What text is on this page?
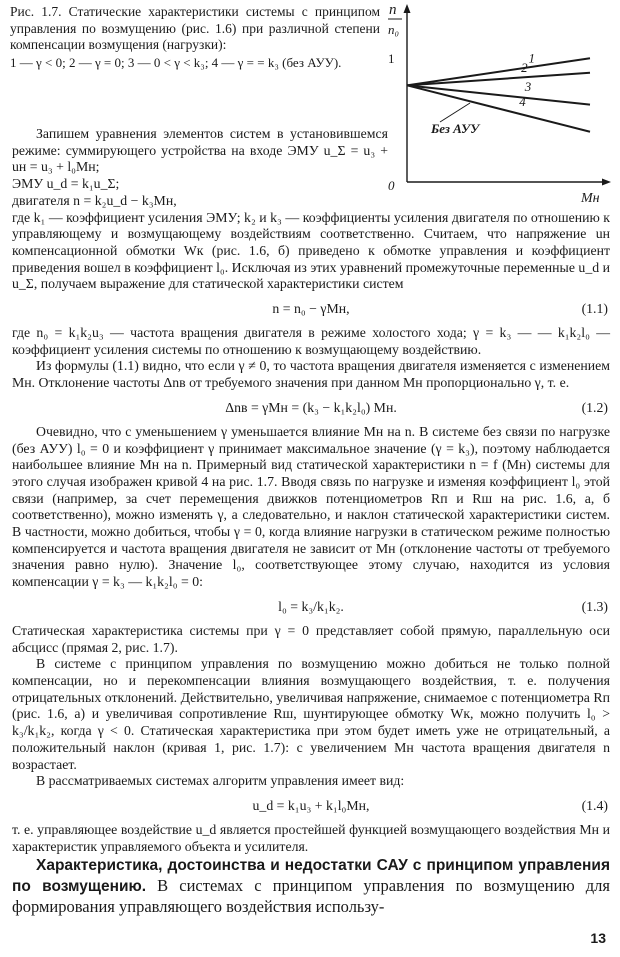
Рис. 1.7. Статические характеристики системы с принципом управления по возмущению (рис. 1.6) при различной степени компенсации возмущения (нагрузки):
1 — γ < 0; 2 — γ = 0; 3 — 0 < γ < k₃; 4 — γ = = k₃ (без АУУ).
n
n₀
1
0
Mн
Без АУУ
1
2
3
4

Запишем уравнения элементов систем в установившемся режиме: суммирующего устройства на входе ЭМУ u_Σ = u₃ + uн = u₃ + l₀Mн;

ЭМУ u_d = k₁u_Σ;

двигателя n = k₂u_d − k₃Mн,

где k₁ — коэффициент усиления ЭМУ; k₂ и k₃ — коэффициенты усиления двигателя по отношению к управляющему и возмущающему воздействиям соответственно. Считаем, что напряжение uн компенсационной обмотки Wк (рис. 1.6, б) приведено к обмотке управления и коэффициент приведения вошел в коэффициент l₀. Исключая из этих уравнений промежуточные переменные u_d и u_Σ, получаем выражение для статической характеристики систем

n = n₀ − γMн,	(1.1)

где n₀ = k₁k₂u₃ — частота вращения двигателя в режиме холостого хода; γ = k₃ — — k₁k₂l₀ — коэффициент усиления системы по отношению к возмущающему воздействию.

Из формулы (1.1) видно, что если γ ≠ 0, то частота вращения двигателя изменяется с изменением Mн. Отклонение частоты Δnв от требуемого значения при данном Mн пропорционально γ, т. е.

Δnв = γMн = (k₃ − k₁k₂l₀) Mн.	(1.2)

Очевидно, что с уменьшением γ уменьшается влияние Mн на n. В системе без связи по нагрузке (без АУУ) l₀ = 0 и коэффициент γ принимает максимальное значение (γ = k₃), поэтому наблюдается наибольшее влияние Mн на n. Примерный вид статической характеристики n = f (Mн) системы для этого случая изображен кривой 4 на рис. 1.7. Вводя связь по нагрузке и изменяя коэффициент l₀ этой связи (например, за счет перемещения движков потенциометров Rп и Rш на рис. 1.6, а, б соответственно), можно изменять γ, а следовательно, и наклон статической характеристики систем. В частности, можно добиться, чтобы γ = 0, когда влияние нагрузки в статическом режиме полностью компенсируется и частота вращения двигателя не зависит от Mн (отклонение частоты от требуемого значения равно нулю). Значение l₀, соответствующее этому случаю, находится из условия компенсации γ = k₃ — k₁k₂l₀ = 0:

l₀ = k₃/k₁k₂.	(1.3)

Статическая характеристика системы при γ = 0 представляет собой прямую, параллельную оси абсцисс (прямая 2, рис. 1.7).

В системе с принципом управления по возмущению можно добиться не только полной компенсации, но и перекомпенсации влияния возмущающего воздействия, т. е. получения отрицательных отклонений. Действительно, увеличивая напряжение, снимаемое с потенциометра Rп (рис. 1.6, а) и увеличивая сопротивление Rш, шунтирующее обмотку Wк, можно получить l₀ > k₃/k₁k₂, когда γ < 0. Статическая характеристика при этом будет иметь уже не отрицательный, а положительный наклон (кривая 1, рис. 1.7): с увеличением Mн частота вращения двигателя n возрастает.

В рассматриваемых системах алгоритм управления имеет вид:

u_d = k₁u₃ + k₁l₀Mн,	(1.4)

т. е. управляющее воздействие u_d является простейшей функцией возмущающего воздействия Mн и характеристик управляемого объекта и усилителя.

Характеристика, достоинства и недостатки САУ с принципом управления по возмущению. В системах с принципом управления по возмущению для формирования управляющего воздействия использу-

13
